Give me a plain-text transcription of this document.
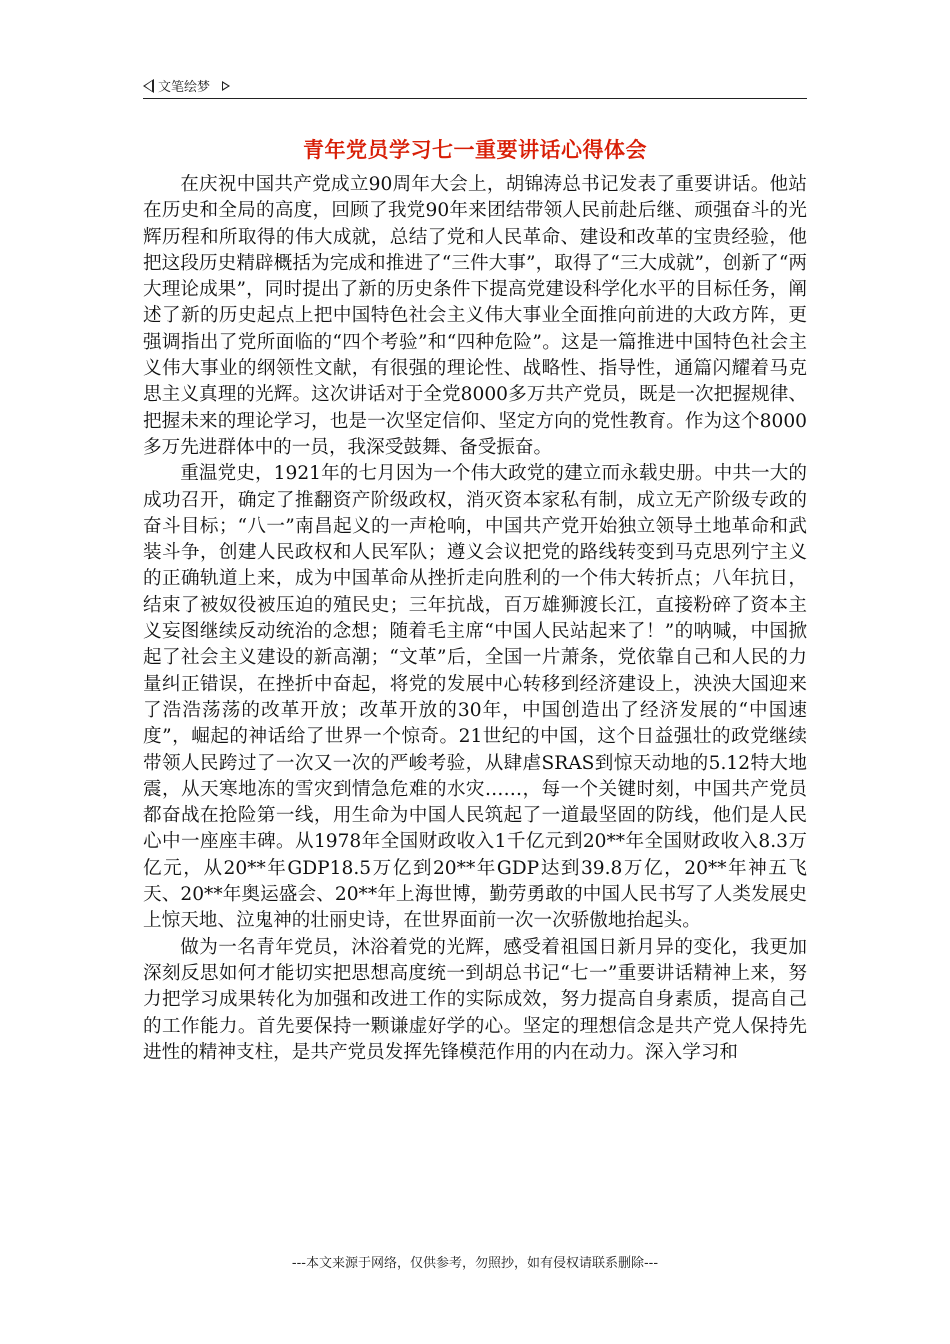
文笔绘梦
青年党员学习七一重要讲话心得体会

在庆祝中国共产党成立90周年大会上，胡锦涛总书记发表了重要讲话。他站在历史和全局的高度，回顾了我党90年来团结带领人民前赴后继、顽强奋斗的光辉历程和所取得的伟大成就，总结了党和人民革命、建设和改革的宝贵经验，他把这段历史精辟概括为完成和推进了“三件大事”，取得了“三大成就”，创新了“两大理论成果”，同时提出了新的历史条件下提高党建设科学化水平的目标任务，阐述了新的历史起点上把中国特色社会主义伟大事业全面推向前进的大政方阵，更强调指出了党所面临的“四个考验”和“四种危险”。这是一篇推进中国特色社会主义伟大事业的纲领性文献，有很强的理论性、战略性、指导性，通篇闪耀着马克思主义真理的光辉。这次讲话对于全党8000多万共产党员，既是一次把握规律、把握未来的理论学习，也是一次坚定信仰、坚定方向的党性教育。作为这个8000多万先进群体中的一员，我深受鼓舞、备受振奋。

重温党史，1921年的七月因为一个伟大政党的建立而永载史册。中共一大的成功召开，确定了推翻资产阶级政权，消灭资本家私有制，成立无产阶级专政的奋斗目标；“八一”南昌起义的一声枪响，中国共产党开始独立领导土地革命和武装斗争，创建人民政权和人民军队；遵义会议把党的路线转变到马克思列宁主义的正确轨道上来，成为中国革命从挫折走向胜利的一个伟大转折点；八年抗日，结束了被奴役被压迫的殖民史；三年抗战，百万雄狮渡长江，直接粉碎了资本主义妄图继续反动统治的念想；随着毛主席“中国人民站起来了！”的呐喊，中国掀起了社会主义建设的新高潮；“文革”后，全国一片萧条，党依靠自己和人民的力量纠正错误，在挫折中奋起，将党的发展中心转移到经济建设上，泱泱大国迎来了浩浩荡荡的改革开放；改革开放的30年，中国创造出了经济发展的“中国速度”，崛起的神话给了世界一个惊奇。21世纪的中国，这个日益强壮的政党继续带领人民跨过了一次又一次的严峻考验，从肆虐SRAS到惊天动地的5.12特大地震，从天寒地冻的雪灾到情急危难的水灾……，每一个关键时刻，中国共产党员都奋战在抢险第一线，用生命为中国人民筑起了一道最坚固的防线，他们是人民心中一座座丰碑。从1978年全国财政收入1千亿元到20**年全国财政收入8.3万亿元，从20**年GDP18.5万亿到20**年GDP达到39.8万亿，20**年神五飞天、20**年奥运盛会、20**年上海世博，勤劳勇敢的中国人民书写了人类发展史上惊天地、泣鬼神的壮丽史诗，在世界面前一次一次骄傲地抬起头。

做为一名青年党员，沐浴着党的光辉，感受着祖国日新月异的变化，我更加深刻反思如何才能切实把思想高度统一到胡总书记“七一”重要讲话精神上来，努力把学习成果转化为加强和改进工作的实际成效，努力提高自身素质，提高自己的工作能力。首先要保持一颗谦虚好学的心。坚定的理想信念是共产党人保持先进性的精神支柱，是共产党员发挥先锋模范作用的内在动力。深入学习和

---本文来源于网络，仅供参考，勿照抄，如有侵权请联系删除---
